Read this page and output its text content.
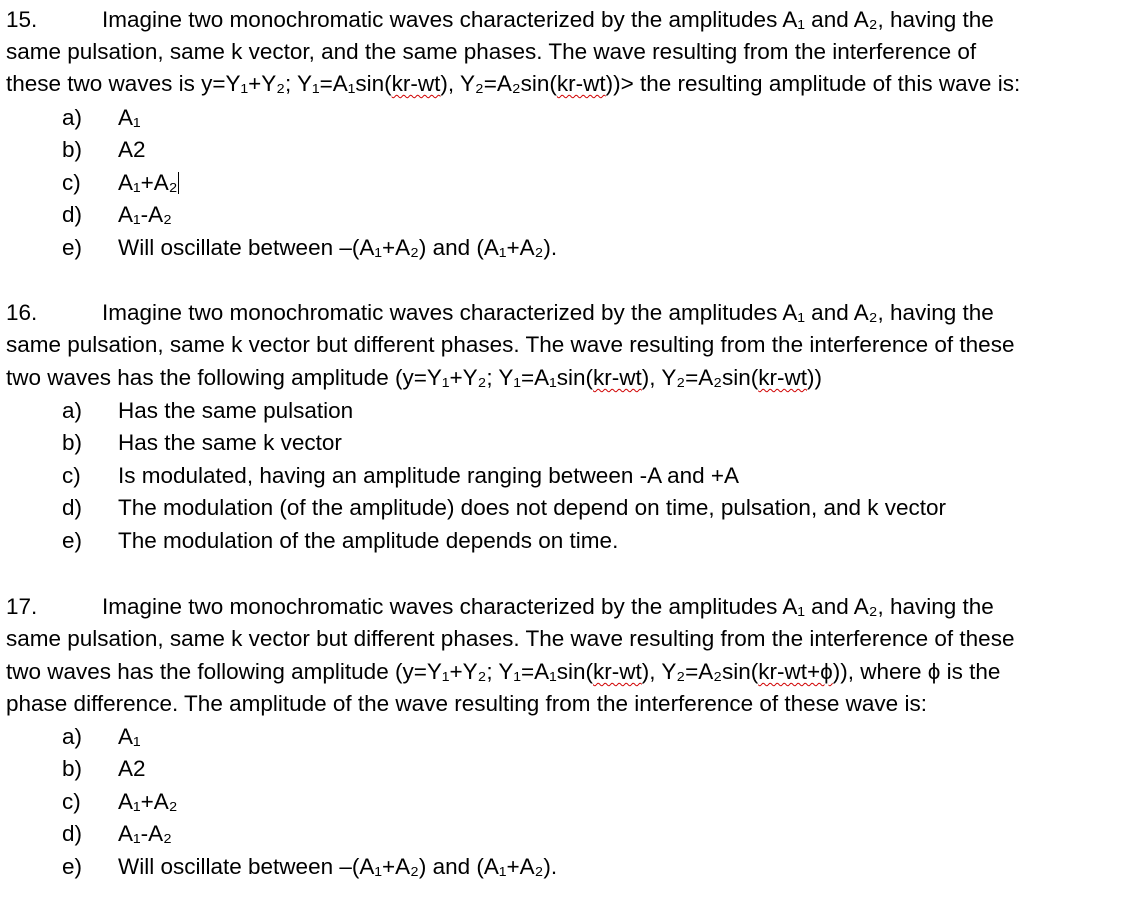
15.	Imagine two monochromatic waves characterized by the amplitudes A₁ and A₂, having the
same pulsation, same k vector, and the same phases. The wave resulting from the interference of
these two waves is y=Y₁+Y₂; Y₁=A₁sin(kr-wt), Y₂=A₂sin(kr-wt))> the resulting amplitude of this wave is:
a) A₁
b) A2
c) A₁+A₂
d) A₁-A₂
e) Will oscillate between –(A₁+A₂) and (A₁+A₂).
16.	Imagine two monochromatic waves characterized by the amplitudes A₁ and A₂, having the
same pulsation, same k vector but different phases. The wave resulting from the interference of these
two waves has the following amplitude (y=Y₁+Y₂; Y₁=A₁sin(kr-wt), Y₂=A₂sin(kr-wt))
a) Has the same pulsation
b) Has the same k vector
c) Is modulated, having an amplitude ranging between -A and +A
d) The modulation (of the amplitude) does not depend on time, pulsation, and k vector
e) The modulation of the amplitude depends on time.
17.	Imagine two monochromatic waves characterized by the amplitudes A₁ and A₂, having the
same pulsation, same k vector but different phases. The wave resulting from the interference of these
two waves has the following amplitude (y=Y₁+Y₂; Y₁=A₁sin(kr-wt), Y₂=A₂sin(kr-wt+ϕ)), where ϕ is the
phase difference. The amplitude of the wave resulting from the interference of these wave is:
a) A₁
b) A2
c) A₁+A₂
d) A₁-A₂
e) Will oscillate between –(A₁+A₂) and (A₁+A₂).
